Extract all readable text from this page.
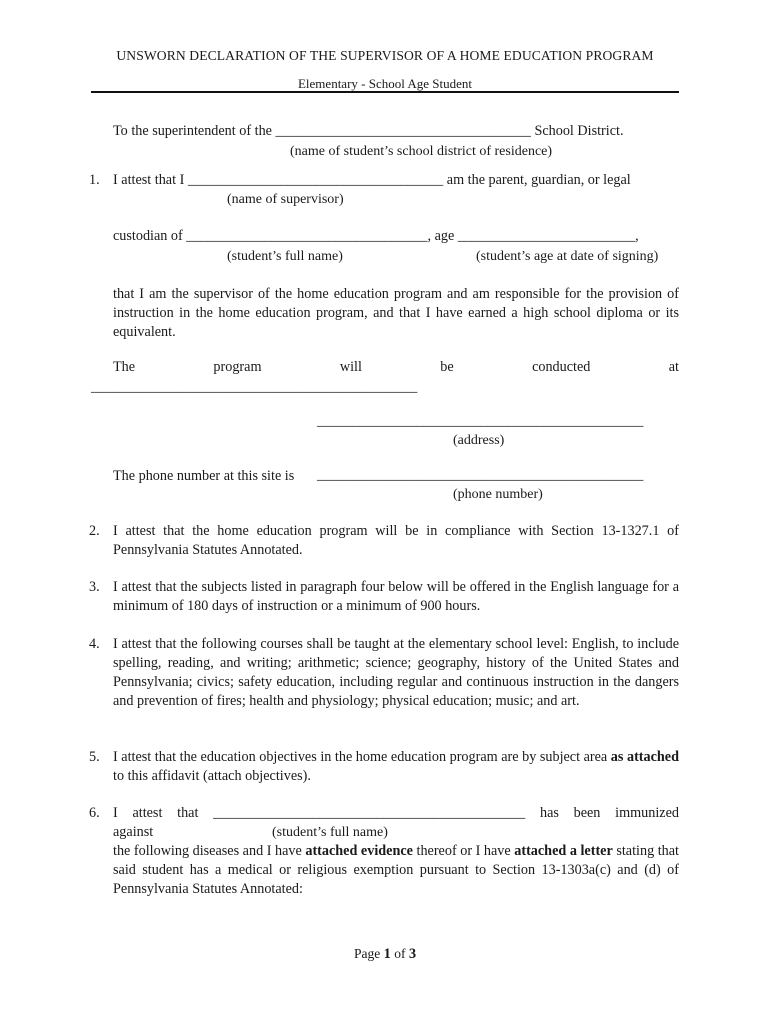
UNSWORN DECLARATION OF THE SUPERVISOR OF A HOME EDUCATION PROGRAM
Elementary - School Age Student
To the superintendent of the ____________________________________ School District.
(name of student’s school district of residence)
1. I attest that I ____________________________________ am the parent, guardian, or legal
(name of supervisor)
custodian of __________________________________, age _________________________,
(student’s full name)	(student’s age at date of signing)
that I am the supervisor of the home education program and am responsible for the provision of instruction in the home education program, and that I have earned a high school diploma or its equivalent.
The	program	will	be	conducted	at
______________________________________________
______________________________________________
(address)
The phone number at this site is ______________________________________________
(phone number)
2. I attest that the home education program will be in compliance with Section 13-1327.1 of Pennsylvania Statutes Annotated.
3. I attest that the subjects listed in paragraph four below will be offered in the English language for a minimum of 180 days of instruction or a minimum of 900 hours.
4. I attest that the following courses shall be taught at the elementary school level: English, to include spelling, reading, and writing; arithmetic; science; geography, history of the United States and Pennsylvania; civics; safety education, including regular and continuous instruction in the dangers and prevention of fires; health and physiology; physical education; music; and art.
5. I attest that the education objectives in the home education program are by subject area as attached to this affidavit (attach objectives).
6. I attest that ____________________________________________ has been immunized
against	(student’s full name)
the following diseases and I have attached evidence thereof or I have attached a letter stating that said student has a medical or religious exemption pursuant to Section 13-1303a(c) and (d) of Pennsylvania Statutes Annotated:
Page 1 of 3
